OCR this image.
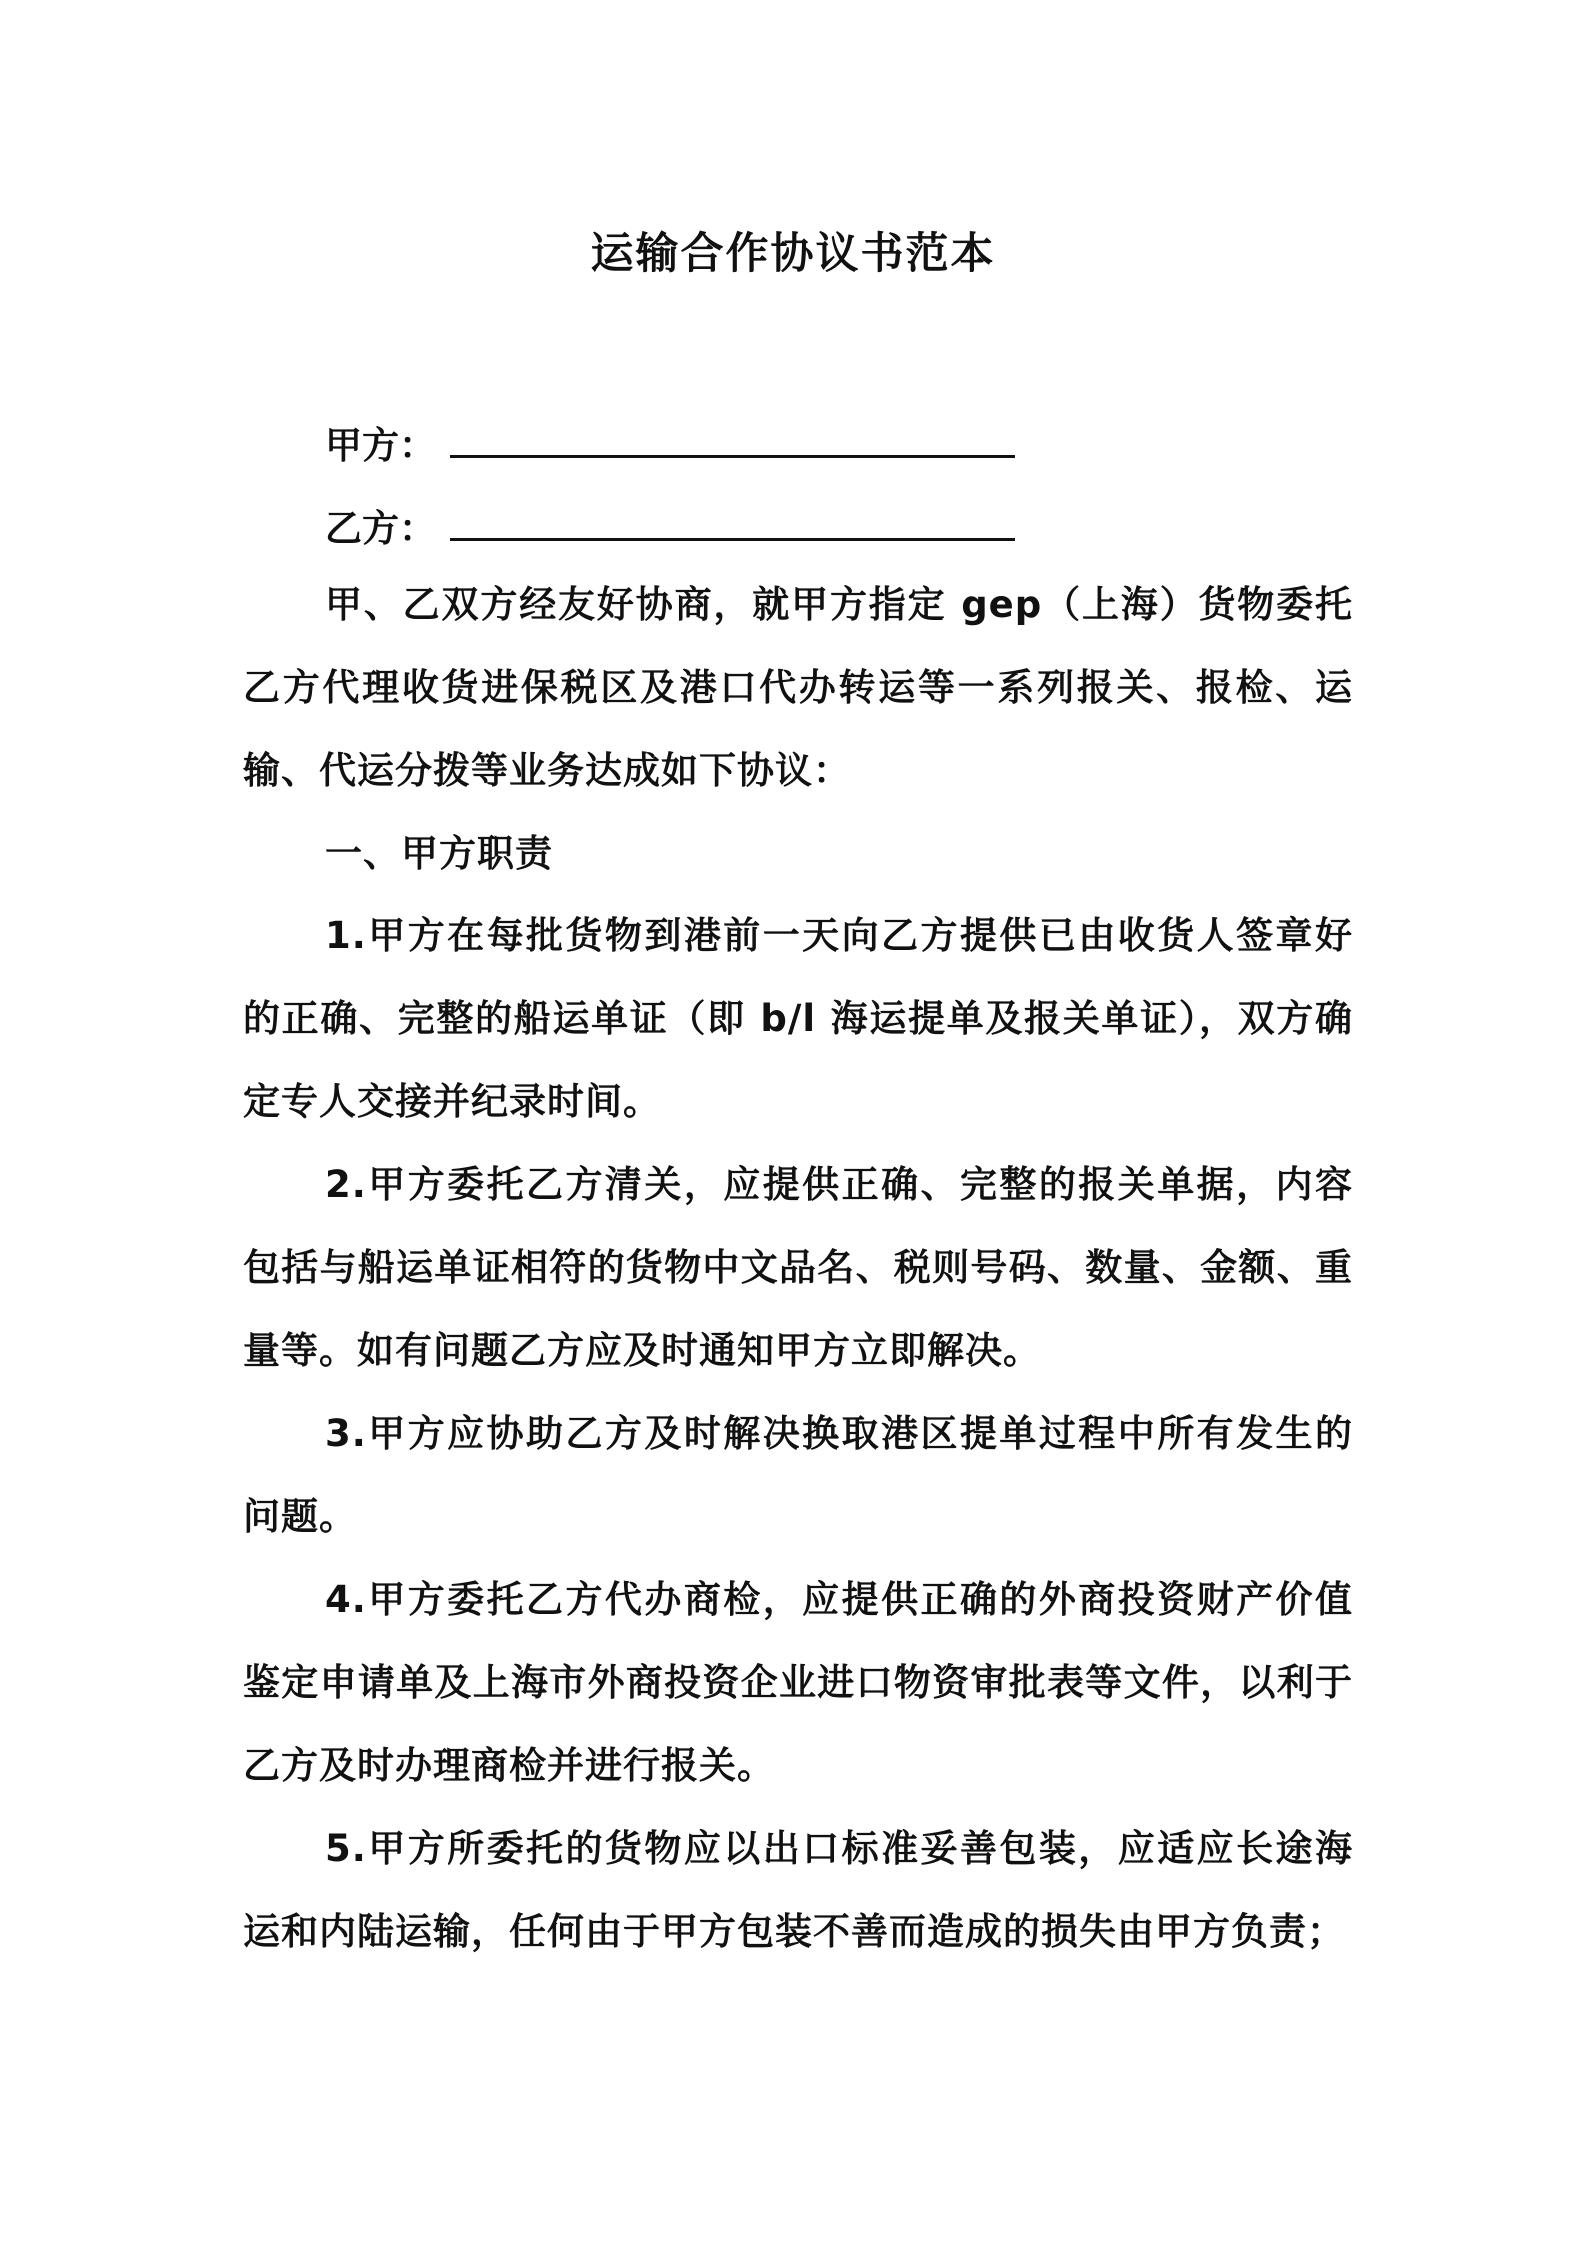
运输合作协议书范本
甲方：
乙方：
甲、乙双方经友好协商，就甲方指定 gep（上海）货物委托乙方代理收货进保税区及港口代办转运等一系列报关、报检、运输、代运分拨等业务达成如下协议：
一、甲方职责
1.甲方在每批货物到港前一天向乙方提供已由收货人签章好的正确、完整的船运单证（即 b/l 海运提单及报关单证），双方确定专人交接并纪录时间。
2.甲方委托乙方清关，应提供正确、完整的报关单据，内容包括与船运单证相符的货物中文品名、税则号码、数量、金额、重量等。如有问题乙方应及时通知甲方立即解决。
3.甲方应协助乙方及时解决换取港区提单过程中所有发生的问题。
4.甲方委托乙方代办商检，应提供正确的外商投资财产价值鉴定申请单及上海市外商投资企业进口物资审批表等文件，以利于乙方及时办理商检并进行报关。
5.甲方所委托的货物应以出口标准妥善包装，应适应长途海运和内陆运输，任何由于甲方包装不善而造成的损失由甲方负责；
